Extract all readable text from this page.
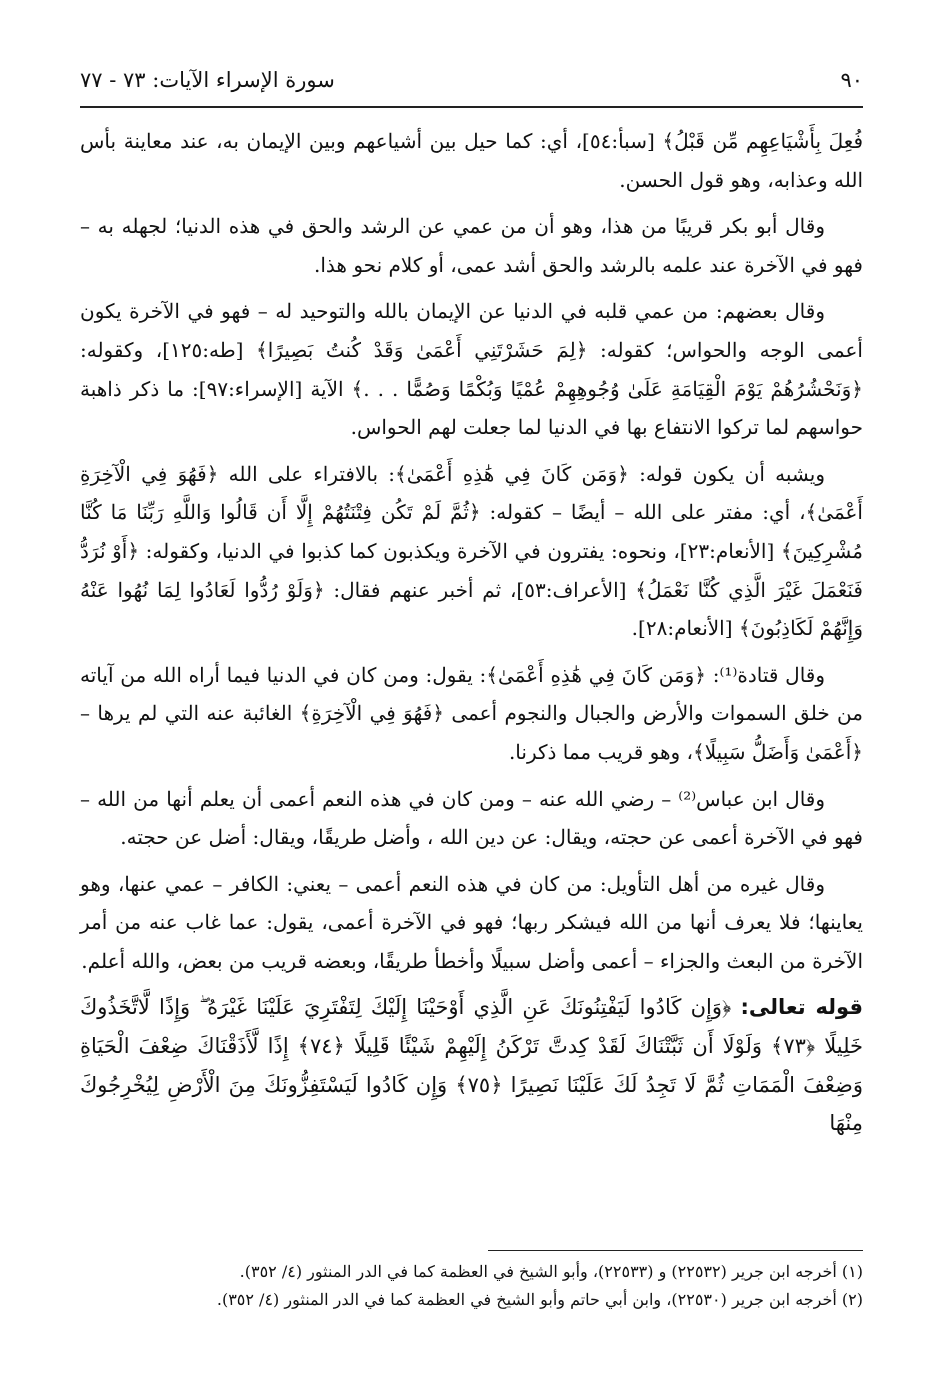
٩٠
سورة الإسراء الآيات: ٧٣ - ٧٧

فُعِلَ بِأَشْيَاعِهِم مِّن قَبْلُ﴾ [سبأ:٥٤]، أي: كما حيل بين أشياعهم وبين الإيمان به، عند معاينة بأس الله وعذابه، وهو قول الحسن.

وقال أبو بكر قريبًا من هذا، وهو أن من عمي عن الرشد والحق في هذه الدنيا؛ لجهله به – فهو في الآخرة عند علمه بالرشد والحق أشد عمى، أو كلام نحو هذا.

وقال بعضهم: من عمي قلبه في الدنيا عن الإيمان بالله والتوحيد له – فهو في الآخرة يكون أعمى الوجه والحواس؛ كقوله: ﴿لِمَ حَشَرْتَنِي أَعْمَىٰ وَقَدْ كُنتُ بَصِيرًا﴾ [طه:١٢٥]، وكقوله: ﴿وَنَحْشُرُهُمْ يَوْمَ الْقِيَامَةِ عَلَىٰ وُجُوهِهِمْ عُمْيًا وَبُكْمًا وَصُمًّا . . .﴾ الآية [الإسراء:٩٧]: ما ذكر ذاهبة حواسهم لما تركوا الانتفاع بها في الدنيا لما جعلت لهم الحواس.

ويشبه أن يكون قوله: ﴿وَمَن كَانَ فِي هَٰذِهِ أَعْمَىٰ﴾: بالافتراء على الله ﴿فَهُوَ فِي الْآخِرَةِ أَعْمَىٰ﴾، أي: مفتر على الله – أيضًا – كقوله: ﴿ثُمَّ لَمْ تَكُن فِتْنَتُهُمْ إِلَّا أَن قَالُوا وَاللَّهِ رَبِّنَا مَا كُنَّا مُشْرِكِينَ﴾ [الأنعام:٢٣]، ونحوه: يفترون في الآخرة ويكذبون كما كذبوا في الدنيا، وكقوله: ﴿أَوْ نُرَدُّ فَنَعْمَلَ غَيْرَ الَّذِي كُنَّا نَعْمَلُ﴾ [الأعراف:٥٣]، ثم أخبر عنهم فقال: ﴿وَلَوْ رُدُّوا لَعَادُوا لِمَا نُهُوا عَنْهُ وَإِنَّهُمْ لَكَاذِبُونَ﴾ [الأنعام:٢٨].

وقال قتادة⁽¹⁾: ﴿وَمَن كَانَ فِي هَٰذِهِ أَعْمَىٰ﴾: يقول: ومن كان في الدنيا فيما أراه الله من آياته من خلق السموات والأرض والجبال والنجوم أعمى ﴿فَهُوَ فِي الْآخِرَةِ﴾ الغائبة عنه التي لم يرها – ﴿أَعْمَىٰ وَأَضَلُّ سَبِيلًا﴾، وهو قريب مما ذكرنا.

وقال ابن عباس⁽²⁾ – رضي الله عنه – ومن كان في هذه النعم أعمى أن يعلم أنها من الله – فهو في الآخرة أعمى عن حجته، ويقال: عن دين الله ، وأضل طريقًا، ويقال: أضل عن حجته.

وقال غيره من أهل التأويل: من كان في هذه النعم أعمى – يعني: الكافر – عمي عنها، وهو يعاينها؛ فلا يعرف أنها من الله فيشكر ربها؛ فهو في الآخرة أعمى، يقول: عما غاب عنه من أمر الآخرة من البعث والجزاء – أعمى وأضل سبيلًا وأخطأ طريقًا، وبعضه قريب من بعض، والله أعلم.

قوله تعالى: ﴿وَإِن كَادُوا لَيَفْتِنُونَكَ عَنِ الَّذِي أَوْحَيْنَا إِلَيْكَ لِتَفْتَرِيَ عَلَيْنَا غَيْرَهُ ۖ وَإِذًا لَّاتَّخَذُوكَ خَلِيلًا ﴿٧٣﴾ وَلَوْلَا أَن ثَبَّتْنَاكَ لَقَدْ كِدتَّ تَرْكَنُ إِلَيْهِمْ شَيْئًا قَلِيلًا ﴿٧٤﴾ إِذًا لَّأَذَقْنَاكَ ضِعْفَ الْحَيَاةِ وَضِعْفَ الْمَمَاتِ ثُمَّ لَا تَجِدُ لَكَ عَلَيْنَا نَصِيرًا ﴿٧٥﴾ وَإِن كَادُوا لَيَسْتَفِزُّونَكَ مِنَ الْأَرْضِ لِيُخْرِجُوكَ مِنْهَا

(١) أخرجه ابن جرير (٢٢٥٣٢) و (٢٢٥٣٣)، وأبو الشيخ في العظمة كما في الدر المنثور (٤/ ٣٥٢).
(٢) أخرجه ابن جرير (٢٢٥٣٠)، وابن أبي حاتم وأبو الشيخ في العظمة كما في الدر المنثور (٤/ ٣٥٢).
